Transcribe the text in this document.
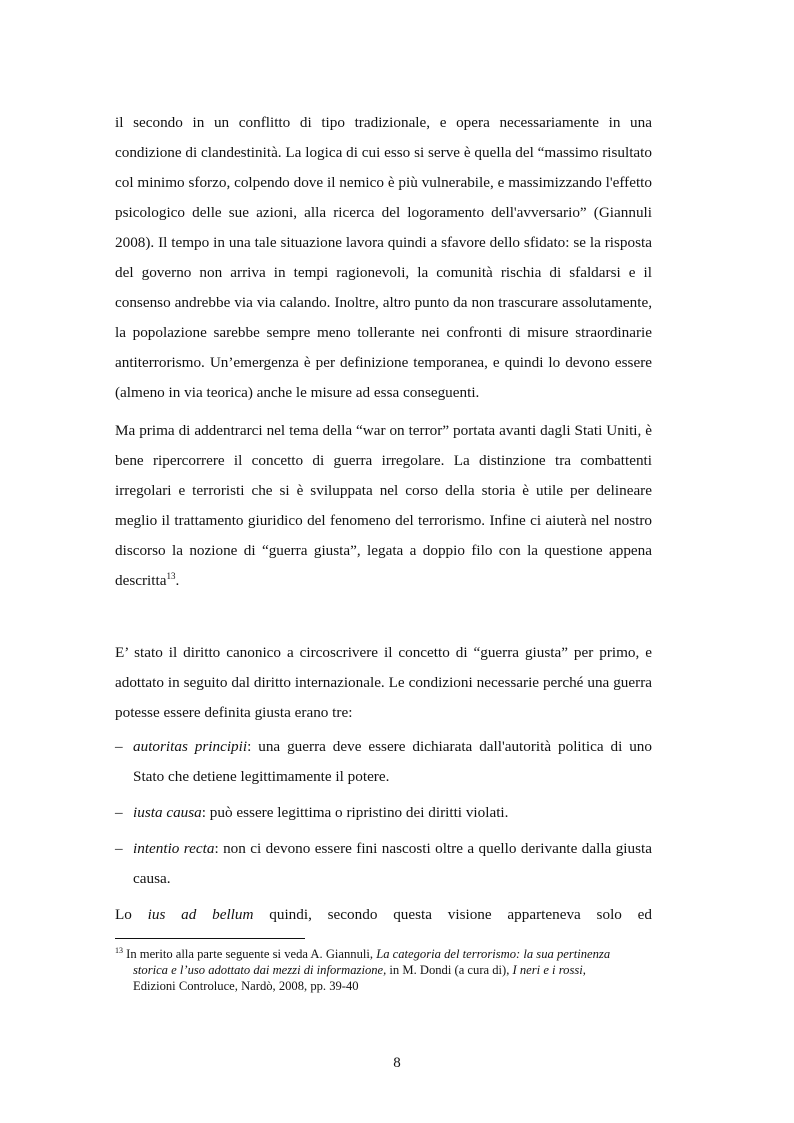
il secondo in un conflitto di tipo tradizionale, e opera necessariamente in una condizione di clandestinità. La logica di cui esso si serve è quella del “massimo risultato col minimo sforzo, colpendo dove il nemico è più vulnerabile, e massimizzando l'effetto psicologico delle sue azioni, alla ricerca del logoramento dell'avversario” (Giannuli 2008). Il tempo in una tale situazione lavora quindi a sfavore dello sfidato: se la risposta del governo non arriva in tempi ragionevoli, la comunità rischia di sfaldarsi e il consenso andrebbe via via calando. Inoltre, altro punto da non trascurare assolutamente, la popolazione sarebbe sempre meno tollerante nei confronti di misure straordinarie antiterrorismo. Un’emergenza è per definizione temporanea, e quindi lo devono essere (almeno in via teorica) anche le misure ad essa conseguenti.

Ma prima di addentrarci nel tema della “war on terror” portata avanti dagli Stati Uniti, è bene ripercorrere il concetto di guerra irregolare. La distinzione tra combattenti irregolari e terroristi che si è sviluppata nel corso della storia è utile per delineare meglio il trattamento giuridico del fenomeno del terrorismo. Infine ci aiuterà nel nostro discorso la nozione di “guerra giusta”, legata a doppio filo con la questione appena descritta$^{13}$.

E’ stato il diritto canonico a circoscrivere il concetto di “guerra giusta” per primo, e adottato in seguito dal diritto internazionale. Le condizioni necessarie perché una guerra potesse essere definita giusta erano tre:

– autoritas principii: una guerra deve essere dichiarata dall'autorità politica di uno Stato che detiene legittimamente il potere.
– iusta causa: può essere legittima o ripristino dei diritti violati.
– intentio recta: non ci devono essere fini nascosti oltre a quello derivante dalla giusta causa.

Lo ius ad bellum quindi, secondo questa visione apparteneva solo ed

$^{13}$ In merito alla parte seguente si veda A. Giannuli, La categoria del terrorismo: la sua pertinenza
storica e l’uso adottato dai mezzi di informazione, in M. Dondi (a cura di), I neri e i rossi,
Edizioni Controluce, Nardò, 2008, pp. 39-40
8
